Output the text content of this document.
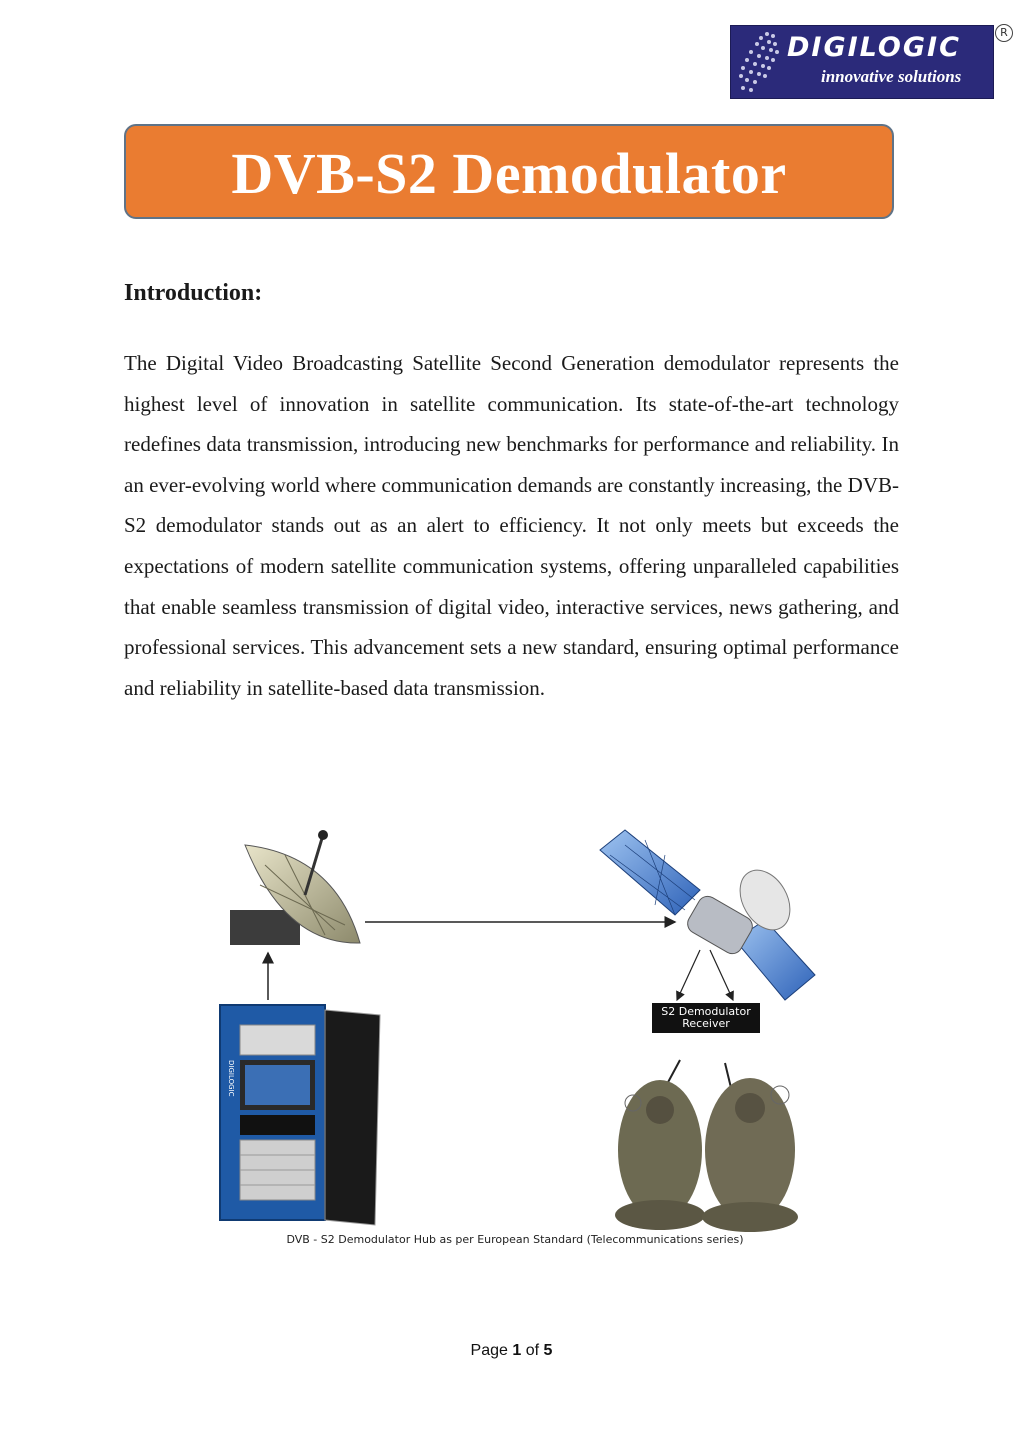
DIGILOGIC
innovative solutions
R
DVB-S2 Demodulator
Introduction:

The Digital Video Broadcasting Satellite Second Generation demodulator represents the highest level of innovation in satellite communication. Its state-of-the-art technology redefines data transmission, introducing new benchmarks for performance and reliability. In an ever-evolving world where communication demands are constantly increasing, the DVB-S2 demodulator stands out as an alert to efficiency. It not only meets but exceeds the expectations of modern satellite communication systems, offering unparalleled capabilities that enable seamless transmission of digital video, interactive services, news gathering, and professional services. This advancement sets a new standard, ensuring optimal performance and reliability in satellite-based data transmission.

DIGILOGIC
S2 Demodulator
Receiver
DVB - S2 Demodulator Hub as per European Standard (Telecommunications series)
Page 1 of 5
